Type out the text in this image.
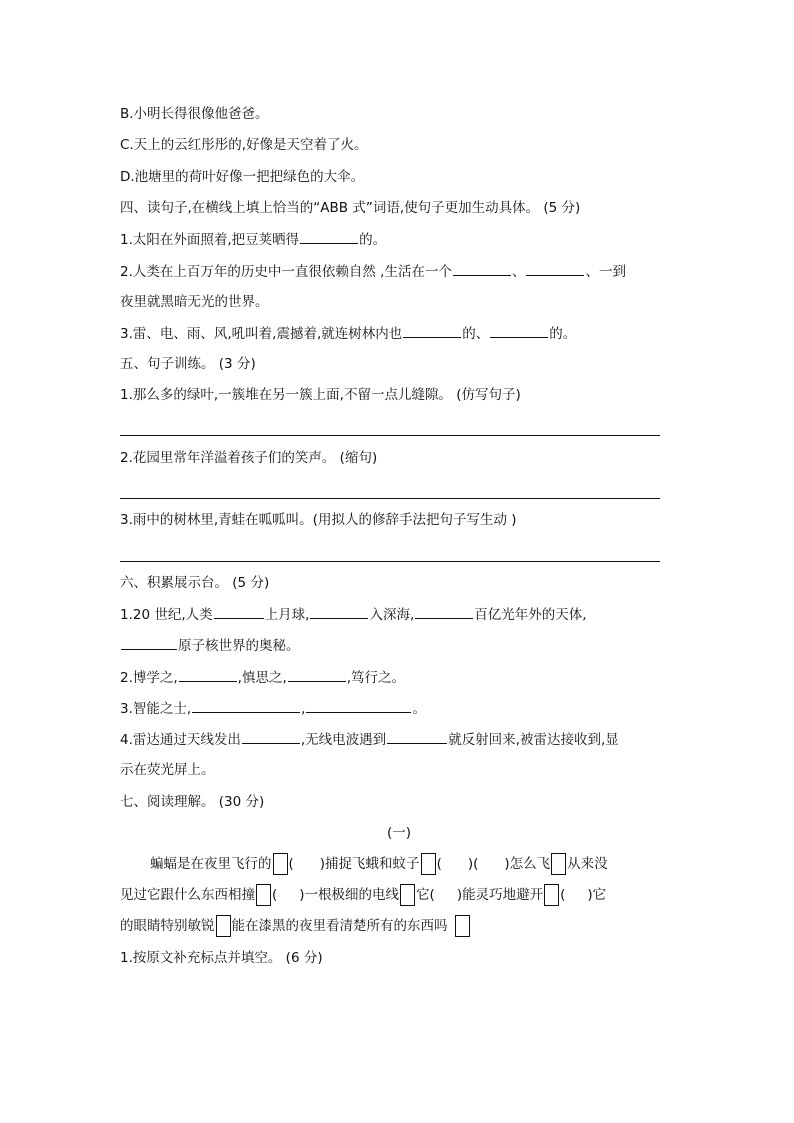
B.小明长得很像他爸爸。
C.天上的云红彤彤的,好像是天空着了火。
D.池塘里的荷叶好像一把把绿色的大伞。
四、读句子,在横线上填上恰当的“ABB 式”词语,使句子更加生动具体。 (5 分)
1.太阳在外面照着,把豆荚晒得	的。
2.人类在上百万年的历史中一直很依赖自然 ,生活在一个	、	、一到
夜里就黑暗无光的世界。
3.雷、电、雨、风,吼叫着,震撼着,就连树林内也	的、	的。
五、句子训练。 (3 分)
1.那么多的绿叶,一簇堆在另一簇上面,不留一点儿缝隙。 (仿写句子)
2.花园里常年洋溢着孩子们的笑声。 (缩句)
3.雨中的树林里,青蛙在呱呱叫。(用拟人的修辞手法把句子写生动 )
六、积累展示台。 (5 分)
1.20 世纪,人类	上月球,	入深海,	百亿光年外的天体,
原子核世界的奥秘。
2.博学之,	,慎思之,	,笃行之。
3.智能之士,	,	。
4.雷达通过天线发出	,无线电波遇到	就反射回来,被雷达接收到,显
示在荧光屏上。
七、阅读理解。 (30 分)
(一)
蝙蝠是在夜里飞行的 ( )捕捉飞蛾和蚊子 ( )( )怎么飞 从来没
见过它跟什么东西相撞 ( )一根极细的电线 它( )能灵巧地避开 ( )它
的眼睛特别敏锐 能在漆黑的夜里看清楚所有的东西吗
1.按原文补充标点并填空。 (6 分)
